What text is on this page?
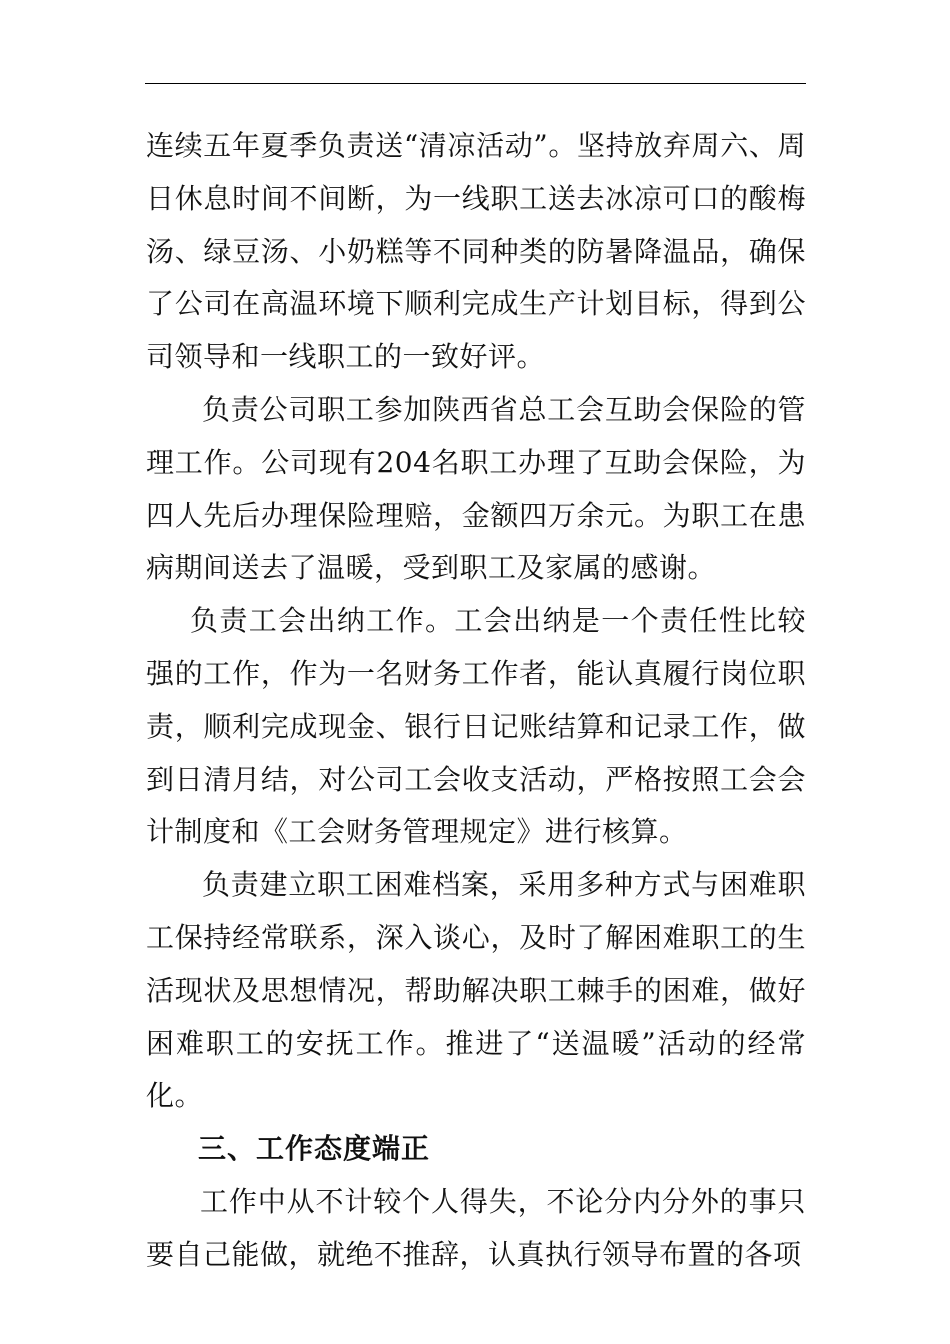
连续五年夏季负责送“清凉活动”。坚持放弃周六、周日休息时间不间断，为一线职工送去冰凉可口的酸梅汤、绿豆汤、小奶糕等不同种类的防暑降温品，确保了公司在高温环境下顺利完成生产计划目标，得到公司领导和一线职工的一致好评。

负责公司职工参加陕西省总工会互助会保险的管理工作。公司现有204名职工办理了互助会保险，为四人先后办理保险理赔，金额四万余元。为职工在患病期间送去了温暖，受到职工及家属的感谢。

负责工会出纳工作。工会出纳是一个责任性比较强的工作，作为一名财务工作者，能认真履行岗位职责，顺利完成现金、银行日记账结算和记录工作，做到日清月结，对公司工会收支活动，严格按照工会会计制度和《工会财务管理规定》进行核算。

负责建立职工困难档案，采用多种方式与困难职工保持经常联系，深入谈心，及时了解困难职工的生活现状及思想情况，帮助解决职工棘手的困难，做好困难职工的安抚工作。推进了“送温暖”活动的经常化。

三、工作态度端正

工作中从不计较个人得失，不论分内分外的事只要自己能做，就绝不推辞，认真执行领导布置的各项
